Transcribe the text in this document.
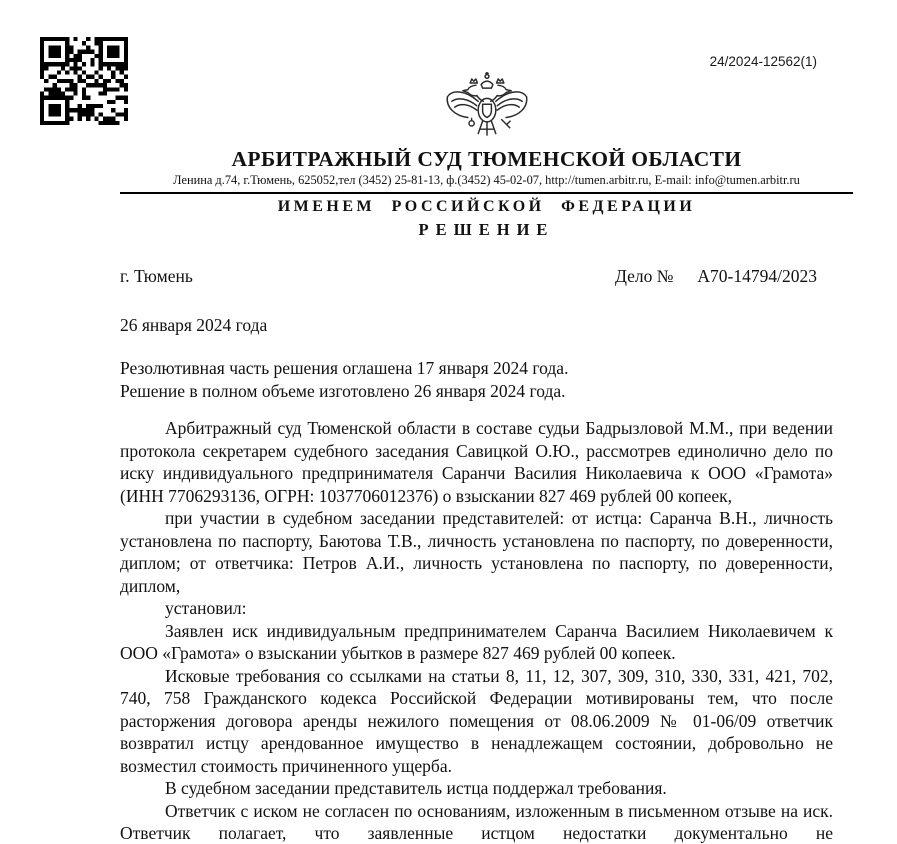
24/2024-12562(1)
АРБИТРАЖНЫЙ СУД ТЮМЕНСКОЙ ОБЛАСТИ
Ленина д.74, г.Тюмень, 625052,тел (3452) 25-81-13, ф.(3452) 45-02-07, http://tumen.arbitr.ru, E-mail: info@tumen.arbitr.ru
ИМЕНЕМ РОССИЙСКОЙ ФЕДЕРАЦИИ
РЕШЕНИЕ
г. Тюмень	Дело № А70-14794/2023
26 января 2024 года
Резолютивная часть решения оглашена 17 января 2024 года.
Решение в полном объеме изготовлено 26 января 2024 года.

Арбитражный суд Тюменской области в составе судьи Бадрызловой М.М., при ведении протокола секретарем судебного заседания Савицкой О.Ю., рассмотрев единолично дело по иску индивидуального предпринимателя Саранчи Василия Николаевича к ООО «Грамота» (ИНН 7706293136, ОГРН: 1037706012376) о взыскании 827 469 рублей 00 копеек,

при участии в судебном заседании представителей: от истца: Саранча В.Н., личность установлена по паспорту, Баютова Т.В., личность установлена по паспорту, по доверенности, диплом; от ответчика: Петров А.И., личность установлена по паспорту, по доверенности, диплом,

установил:

Заявлен иск индивидуальным предпринимателем Саранча Василием Николаевичем к ООО «Грамота» о взыскании убытков в размере 827 469 рублей 00 копеек.

Исковые требования со ссылками на статьи 8, 11, 12, 307, 309, 310, 330, 331, 421, 702, 740, 758 Гражданского кодекса Российской Федерации мотивированы тем, что после расторжения договора аренды нежилого помещения от 08.06.2009 № 01-06/09 ответчик возвратил истцу арендованное имущество в ненадлежащем состоянии, добровольно не возместил стоимость причиненного ущерба.

В судебном заседании представитель истца поддержал требования.

Ответчик с иском не согласен по основаниям, изложенным в письменном отзыве на иск. Ответчик полагает, что заявленные истцом недостатки документально не
